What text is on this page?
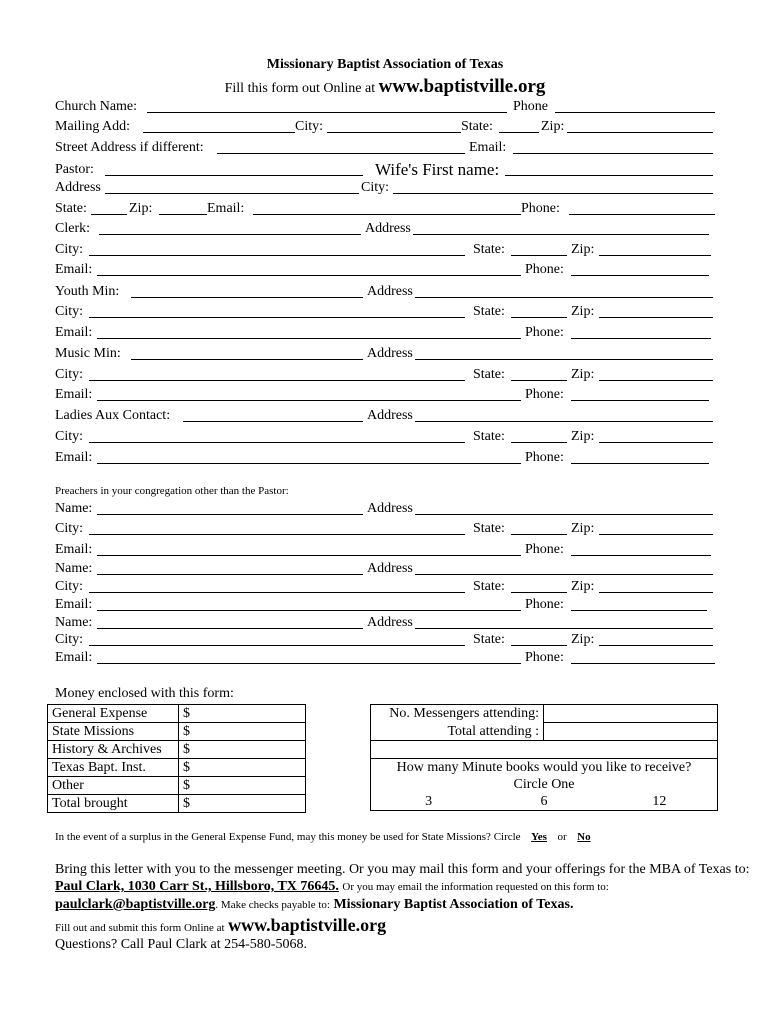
Missionary Baptist Association of Texas
Fill this form out Online at www.baptistville.org
Church Name:	Phone
Mailing Add:	City:	State:	Zip:
Street Address if different:	Email:
Pastor:	Wife's First name:
Address	City:
State:	Zip:	Email:	Phone:
Clerk:	Address
City:	State:	Zip:
Email:	Phone:
Youth Min:	Address
City:	State:	Zip:
Email:	Phone:
Music Min:	Address
City:	State:	Zip:
Email:	Phone:
Ladies Aux Contact:	Address
City:	State:	Zip:
Email:	Phone:
Preachers in your congregation other than the Pastor:
Name:	Address
City:	State:	Zip:
Email:	Phone:
Name:	Address
City:	State:	Zip:
Email:	Phone:
Name:	Address
City:	State:	Zip:
Email:	Phone:
Money enclosed with this form:
General Expense	$
State Missions	$
History & Archives	$
Texas Bapt. Inst.	$
Other	$
Total brought	$
No. Messengers attending:	
Total attending :	

How many Minute books would you like to receive?	
Circle One	

3 6 12	
In the event of a surplus in the General Expense Fund, may this money be used for State Missions? Circle Yes or No
Bring this letter with you to the messenger meeting. Or you may mail this form and your offerings for the MBA of Texas to:
Paul Clark, 1030 Carr St., Hillsboro, TX 76645. Or you may email the information requested on this form to:
paulclark@baptistville.org. Make checks payable to: Missionary Baptist Association of Texas.
Fill out and submit this form Online at www.baptistville.org
Questions? Call Paul Clark at 254-580-5068.
